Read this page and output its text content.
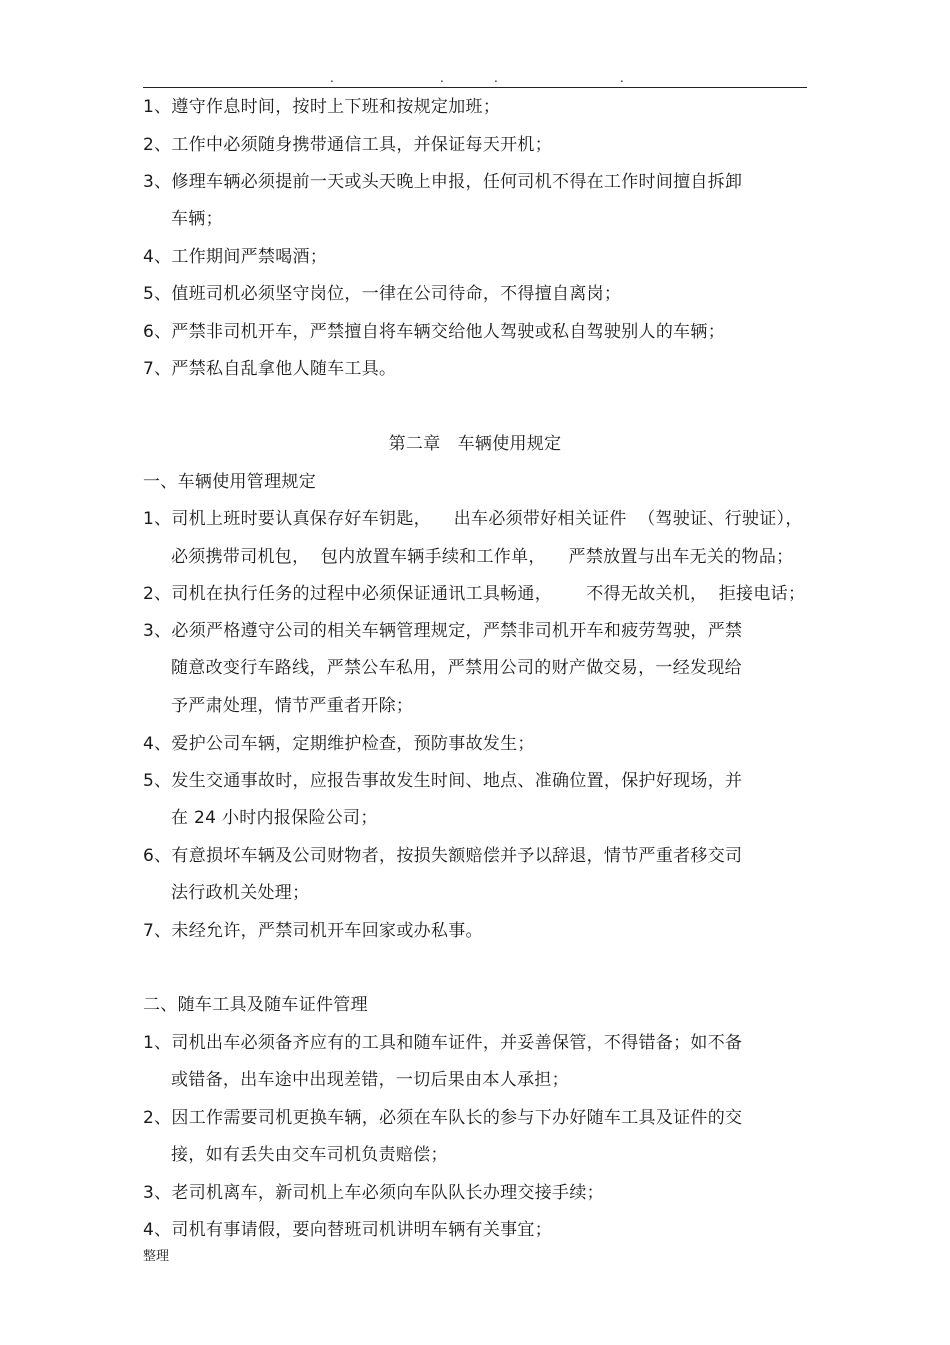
.	.	.	.
1、遵守作息时间，按时上下班和按规定加班；
2、工作中必须随身携带通信工具，并保证每天开机；
3、修理车辆必须提前一天或头天晚上申报，任何司机不得在工作时间擅自拆卸
车辆；
4、工作期间严禁喝酒；
5、值班司机必须坚守岗位，一律在公司待命，不得擅自离岗；
6、严禁非司机开车，严禁擅自将车辆交给他人驾驶或私自驾驶别人的车辆；
7、严禁私自乱拿他人随车工具。
第二章   车辆使用规定
一、车辆使用管理规定
1、司机上班时要认真保存好车钥匙，    出车必须带好相关证件  （驾驶证、行驶证），
必须携带司机包，  包内放置车辆手续和工作单，    严禁放置与出车无关的物品；
2、司机在执行任务的过程中必须保证通讯工具畅通，      不得无故关机，  拒接电话；
3、必须严格遵守公司的相关车辆管理规定，严禁非司机开车和疲劳驾驶，严禁
随意改变行车路线，严禁公车私用，严禁用公司的财产做交易，一经发现给
予严肃处理，情节严重者开除；
4、爱护公司车辆，定期维护检查，预防事故发生；
5、发生交通事故时，应报告事故发生时间、地点、准确位置，保护好现场，并
在 24 小时内报保险公司；
6、有意损坏车辆及公司财物者，按损失额赔偿并予以辞退，情节严重者移交司
法行政机关处理；
7、未经允许，严禁司机开车回家或办私事。
二、随车工具及随车证件管理
1、司机出车必须备齐应有的工具和随车证件，并妥善保管，不得错备；如不备
或错备，出车途中出现差错，一切后果由本人承担；
2、因工作需要司机更换车辆，必须在车队长的参与下办好随车工具及证件的交
接，如有丢失由交车司机负责赔偿；
3、老司机离车，新司机上车必须向车队队长办理交接手续；
4、司机有事请假，要向替班司机讲明车辆有关事宜；
整理
